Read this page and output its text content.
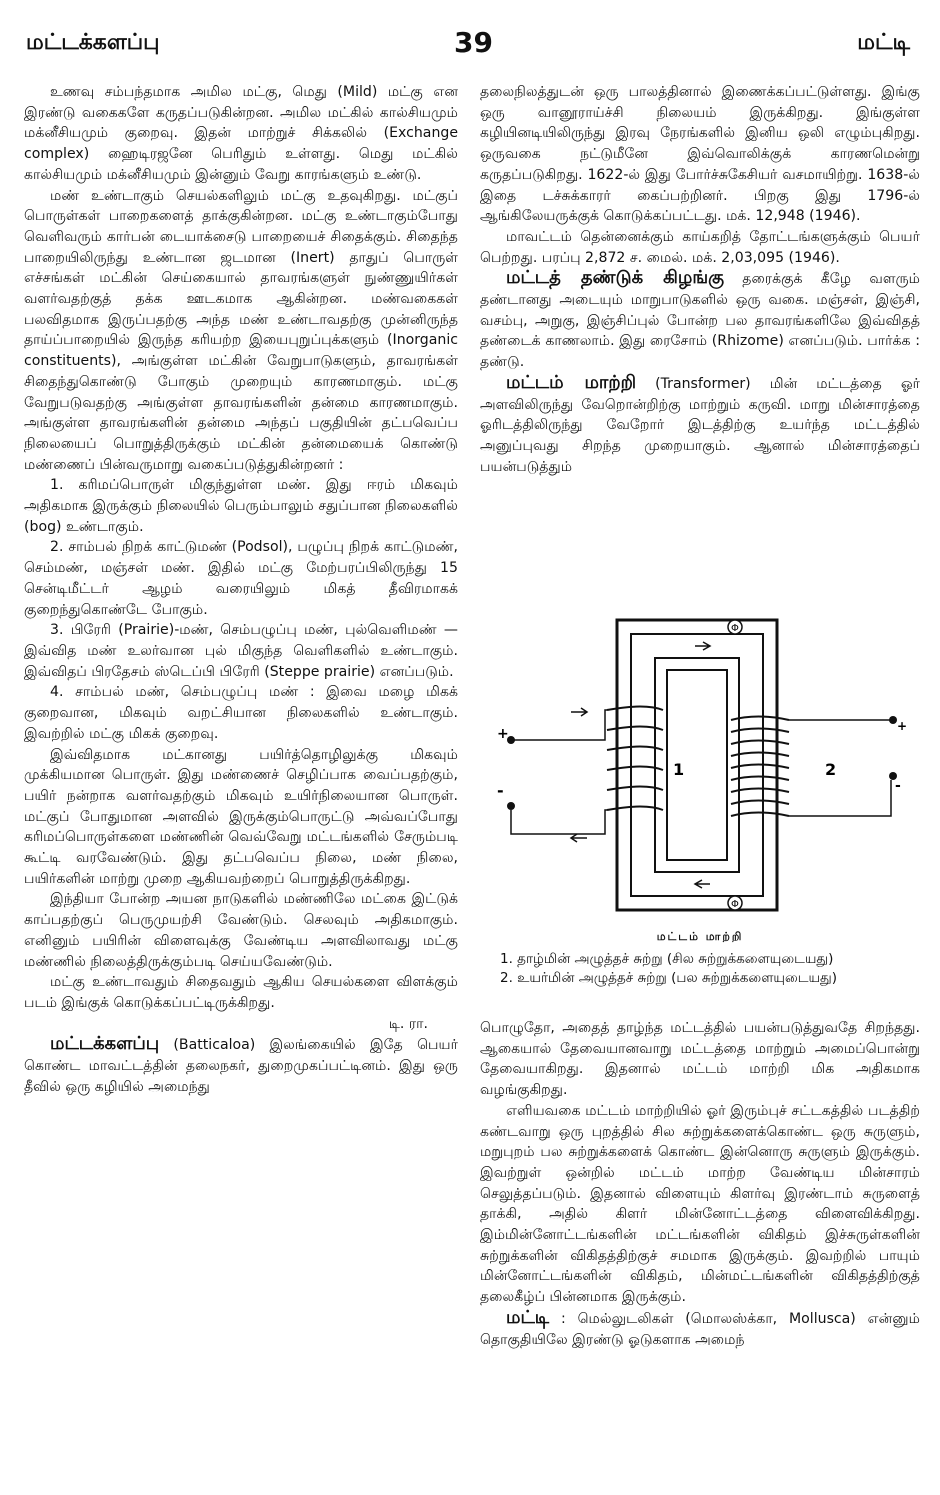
மட்டக்களப்பு	39	மட்டி

உணவு சம்பந்தமாக அமில மட்கு, மெது (Mild) மட்கு என இரண்டு வகைகளே கருதப்படுகின்றன. அமில மட்கில் கால்சியமும் மக்னீசியமும் குறைவு. இதன் மாற்றுச் சிக்கலில் (Exchange complex) ஹைடிரஜனே பெரிதும் உள்ளது. மெது மட்கில் கால்சியமும் மக்னீசியமும் இன்னும் வேறு காரங்களும் உண்டு.

மண் உண்டாகும் செயல்களிலும் மட்கு உதவுகிறது. மட்குப் பொருள்கள் பாறைகளைத் தாக்குகின்றன. மட்கு உண்டாகும்போது வெளிவரும் கார்பன் டையாக்சைடு பாறையைச் சிதைக்கும். சிதைந்த பாறையிலிருந்து உண்டான ஜடமான (Inert) தாதுப் பொருள் எச்சங்கள் மட்கின் செய்கையால் தாவரங்களுள் நுண்ணுயிர்கள் வளர்வதற்குத் தக்க ஊடகமாக ஆகின்றன. மண்வகைகள் பலவிதமாக இருப்பதற்கு அந்த மண் உண்டாவதற்கு முன்னிருந்த தாய்ப்பாறையில் இருந்த கரியற்ற இயைபுறுப்புக்களும் (Inorganic constituents), அங்குள்ள மட்கின் வேறுபாடுகளும், தாவரங்கள் சிதைந்துகொண்டு போகும் முறையும் காரணமாகும். மட்கு வேறுபடுவதற்கு அங்குள்ள தாவரங்களின் தன்மை காரணமாகும். அங்குள்ள தாவரங்களின் தன்மை அந்தப் பகுதியின் தட்பவெப்ப நிலையைப் பொறுத்திருக்கும் மட்கின் தன்மையைக் கொண்டு மண்ணைப் பின்வருமாறு வகைப்படுத்துகின்றனர் :

1. கரிமப்பொருள் மிகுந்துள்ள மண். இது ஈரம் மிகவும் அதிகமாக இருக்கும் நிலையில் பெரும்பாலும் சதுப்பான நிலைகளில் (bog) உண்டாகும்.
2. சாம்பல் நிறக் காட்டுமண் (Podsol), பழுப்பு நிறக் காட்டுமண், செம்மண், மஞ்சள் மண். இதில் மட்கு மேற்பரப்பிலிருந்து 15 சென்டிமீட்டர் ஆழம் வரையிலும் மிகத் தீவிரமாகக் குறைந்துகொண்டே போகும்.
3. பிரேரி (Prairie)-மண், செம்பழுப்பு மண், புல்வெளிமண் — இவ்வித மண் உலர்வான புல் மிகுந்த வெளிகளில் உண்டாகும். இவ்விதப் பிரதேசம் ஸ்டெப்பி பிரேரி (Steppe prairie) எனப்படும்.
4. சாம்பல் மண், செம்பழுப்பு மண் : இவை மழை மிகக் குறைவான, மிகவும் வறட்சியான நிலைகளில் உண்டாகும். இவற்றில் மட்கு மிகக் குறைவு.

இவ்விதமாக மட்கானது பயிர்த்தொழிலுக்கு மிகவும் முக்கியமான பொருள். இது மண்ணைச் செழிப்பாக வைப்பதற்கும், பயிர் நன்றாக வளர்வதற்கும் மிகவும் உயிர்நிலையான பொருள். மட்குப் போதுமான அளவில் இருக்கும்பொருட்டு அவ்வப்போது கரிமப்பொருள்களை மண்ணின் வெவ்வேறு மட்டங்களில் சேரும்படி கூட்டி வரவேண்டும். இது தட்பவெப்ப நிலை, மண் நிலை, பயிர்களின் மாற்று முறை ஆகியவற்றைப் பொறுத்திருக்கிறது.

இந்தியா போன்ற அயன நாடுகளில் மண்ணிலே மட்கை இட்டுக் காப்பதற்குப் பெருமுயற்சி வேண்டும். செலவும் அதிகமாகும். எனினும் பயிரின் விளைவுக்கு வேண்டிய அளவிலாவது மட்கு மண்ணில் நிலைத்திருக்கும்படி செய்யவேண்டும்.

மட்கு உண்டாவதும் சிதைவதும் ஆகிய செயல்களை விளக்கும் படம் இங்குக் கொடுக்கப்பட்டிருக்கிறது.
டி. ரா.

மட்டக்களப்பு (Batticaloa) இலங்கையில் இதே பெயர் கொண்ட மாவட்டத்தின் தலைநகர், துறைமுகப்பட்டினம். இது ஒரு தீவில் ஒரு கழியில் அமைந்து

தலைநிலத்துடன் ஒரு பாலத்தினால் இணைக்கப்பட்டுள்ளது. இங்கு ஒரு வானூராய்ச்சி நிலையம் இருக்கிறது. இங்குள்ள கழியினடியிலிருந்து இரவு நேரங்களில் இனிய ஒலி எழும்புகிறது. ஒருவகை நட்டுமீனே இவ்வொலிக்குக் காரணமென்று கருதப்படுகிறது. 1622-ல் இது போர்ச்சுகேசியர் வசமாயிற்று. 1638-ல் இதை டச்சுக்காரர் கைப்பற்றினர். பிறகு இது 1796-ல் ஆங்கிலேயருக்குக் கொடுக்கப்பட்டது. மக். 12,948 (1946).

மாவட்டம் தென்னைக்கும் காய்கறித் தோட்டங்களுக்கும் பெயர் பெற்றது. பரப்பு 2,872 ச. மைல். மக். 2,03,095 (1946).

மட்டத் தண்டுக் கிழங்கு தரைக்குக் கீழே வளரும் தண்டானது அடையும் மாறுபாடுகளில் ஒரு வகை. மஞ்சள், இஞ்சி, வசம்பு, அறுகு, இஞ்சிப்புல் போன்ற பல தாவரங்களிலே இவ்விதத் தண்டைக் காணலாம். இது ரைசோம் (Rhizome) எனப்படும். பார்க்க : தண்டு.

மட்டம் மாற்றி (Transformer) மின் மட்டத்தை ஓர் அளவிலிருந்து வேறொன்றிற்கு மாற்றும் கருவி. மாறு மின்சாரத்தை ஓரிடத்திலிருந்து வேறோர் இடத்திற்கு உயர்ந்த மட்டத்தில் அனுப்புவது சிறந்த முறையாகும். ஆனால் மின்சாரத்தைப் பயன்படுத்தும்

Φ
Φ
+
-
+
-
1	2
மட்டம் மாற்றி
1. தாழ்மின் அழுத்தச் சுற்று (சில சுற்றுக்களையுடையது)
2. உயர்மின் அழுத்தச் சுற்று (பல சுற்றுக்களையுடையது)

பொழுதோ, அதைத் தாழ்ந்த மட்டத்தில் பயன்படுத்துவதே சிறந்தது. ஆகையால் தேவையானவாறு மட்டத்தை மாற்றும் அமைப்பொன்று தேவையாகிறது. இதனால் மட்டம் மாற்றி மிக அதிகமாக வழங்குகிறது.

எளியவகை மட்டம் மாற்றியில் ஓர் இரும்புச் சட்டகத்தில் படத்திற் கண்டவாறு ஒரு புறத்தில் சில சுற்றுக்களைக்கொண்ட ஒரு சுருளும், மறுபுறம் பல சுற்றுக்களைக் கொண்ட இன்னொரு சுருளும் இருக்கும். இவற்றுள் ஒன்றில் மட்டம் மாற்ற வேண்டிய மின்சாரம் செலுத்தப்படும். இதனால் விளையும் கிளர்வு இரண்டாம் சுருளைத் தாக்கி, அதில் கிளர் மின்னோட்டத்தை விளைவிக்கிறது. இம்மின்னோட்டங்களின் மட்டங்களின் விகிதம் இச்சுருள்களின் சுற்றுக்களின் விகிதத்திற்குச் சமமாக இருக்கும். இவற்றில் பாயும் மின்னோட்டங்களின் விகிதம், மின்மட்டங்களின் விகிதத்திற்குத் தலைகீழ்ப் பின்னமாக இருக்கும்.

மட்டி : மெல்லுடலிகள் (மொலஸ்க்கா, Mollusca) என்னும் தொகுதியிலே இரண்டு ஓடுகளாக அமைந்
